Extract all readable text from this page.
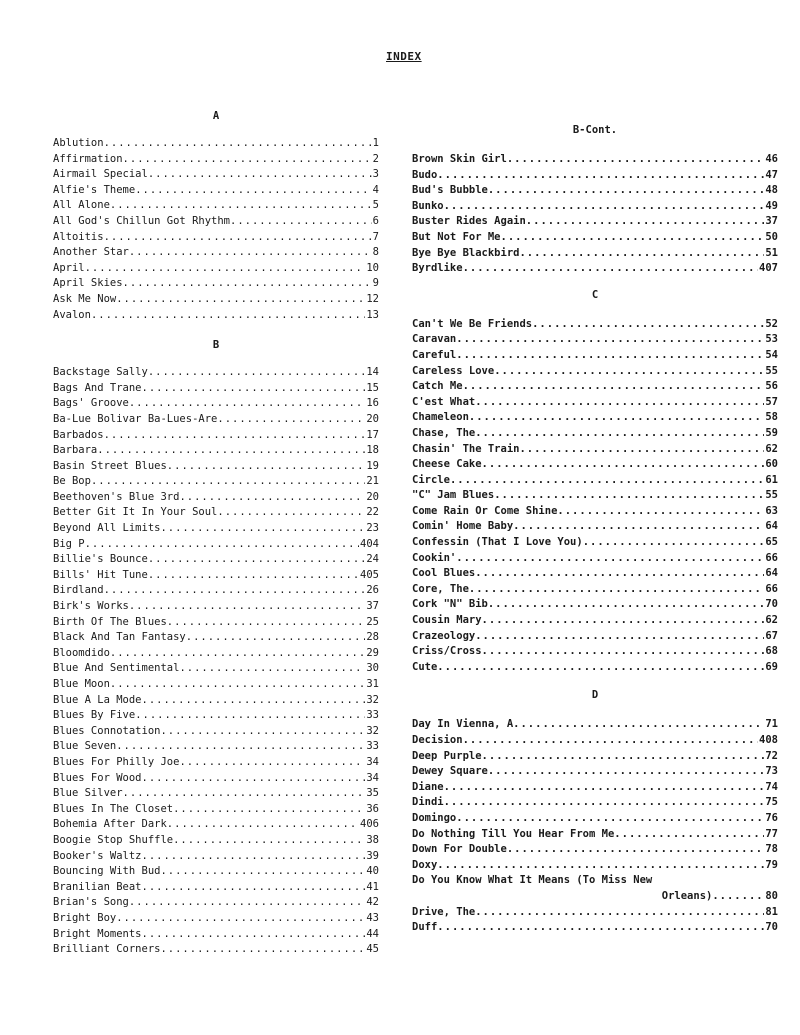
INDEX
A
Ablution .....	1
Affirmation .....	2
Airmail Special .....	3
Alfie's Theme .....	4
All Alone .....	5
All God's Chillun Got Rhythm .....	6
Altoitis .....	7
Another Star .....	8
April .....	10
April Skies .....	9
Ask Me Now .....	12
Avalon .....	13
B
Backstage Sally .....	14
Bags And Trane .....	15
Bags' Groove .....	16
Ba-Lue Bolivar Ba-Lues-Are .....	20
Barbados .....	17
Barbara .....	18
Basin Street Blues .....	19
Be Bop .....	21
Beethoven's Blue 3rd .....	20
Better Git It In Your Soul .....	22
Beyond All Limits .....	23
Big P .....	404
Billie's Bounce .....	24
Bills' Hit Tune .....	405
Birdland .....	26
Birk's Works .....	37
Birth Of The Blues .....	25
Black And Tan Fantasy .....	28
Bloomdido .....	29
Blue And Sentimental .....	30
Blue Moon .....	31
Blue A La Mode .....	32
Blues By Five .....	33
Blues Connotation .....	32
Blue Seven .....	33
Blues For Philly Joe .....	34
Blues For Wood .....	34
Blue Silver .....	35
Blues In The Closet .....	36
Bohemia After Dark .....	406
Boogie Stop Shuffle .....	38
Booker's Waltz .....	39
Bouncing With Bud .....	40
Branilian Beat .....	41
Brian's Song .....	42
Bright Boy .....	43
Bright Moments .....	44
Brilliant Corners .....	45
B-Cont.
Brown Skin Girl .....	46
Budo .....	47
Bud's Bubble .....	48
Bunko .....	49
Buster Rides Again .....	37
But Not For Me .....	50
Bye Bye Blackbird .....	51
Byrdlike .....	407
C
Can't We Be Friends .....	52
Caravan .....	53
Careful .....	54
Careless Love .....	55
Catch Me .....	56
C'est What .....	57
Chameleon .....	58
Chase, The .....	59
Chasin' The Train .....	62
Cheese Cake .....	60
Circle .....	61
"C" Jam Blues .....	55
Come Rain Or Come Shine .....	63
Comin' Home Baby .....	64
Confessin (That I Love You) .....	65
Cookin' .....	66
Cool Blues .....	64
Core, The .....	66
Cork "N" Bib .....	70
Cousin Mary .....	62
Crazeology .....	67
Criss/Cross .....	68
Cute .....	69
D
Day In Vienna, A .....	71
Decision .....	408
Deep Purple .....	72
Dewey Square .....	73
Diane .....	74
Dindi .....	75
Domingo .....	76
Do Nothing Till You Hear From Me .....	77
Down For Double .....	78
Doxy .....	79
Do You Know What It Means (To Miss New
Orleans) .....	80
Drive, The .....	81
Duff .....	70
